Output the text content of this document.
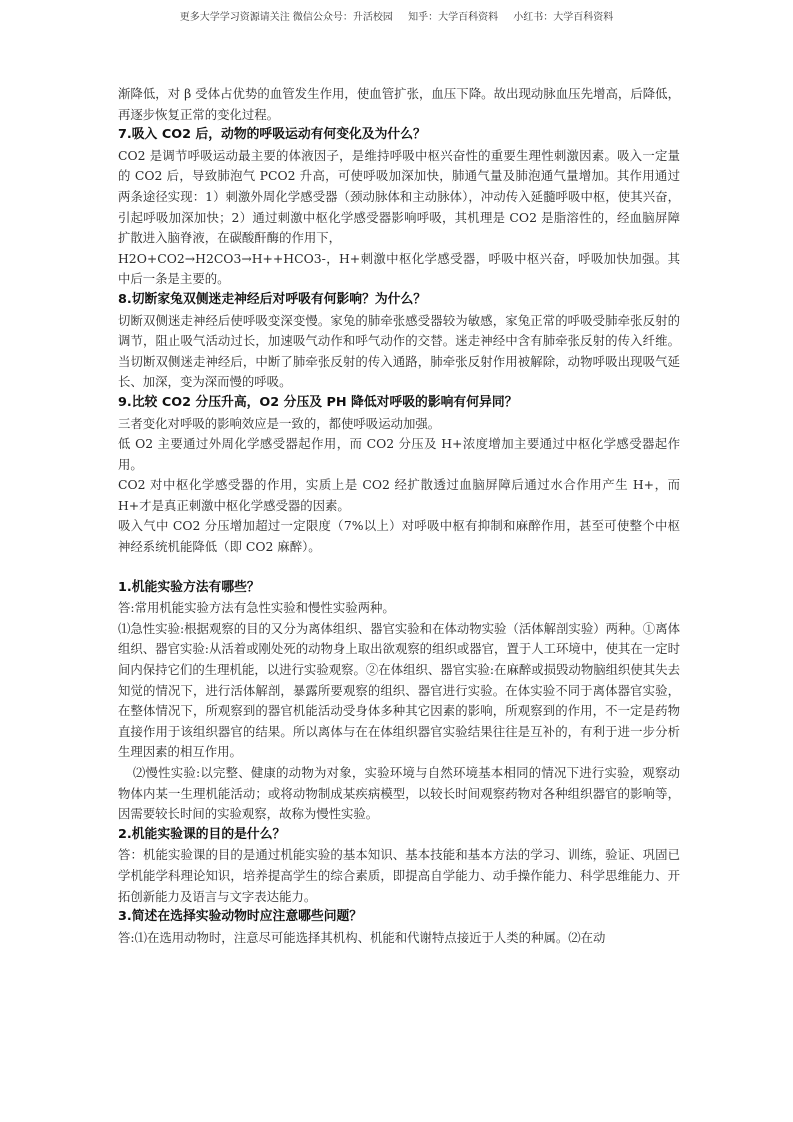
更多大学学习资源请关注 微信公众号：升活校园 知乎：大学百科资料 小红书：大学百科资料

渐降低，对 β 受体占优势的血管发生作用，使血管扩张，血压下降。故出现动脉血压先增高，后降低，再逐步恢复正常的变化过程。

7.吸入 CO2 后，动物的呼吸运动有何变化及为什么？

CO2 是调节呼吸运动最主要的体液因子，是维持呼吸中枢兴奋性的重要生理性刺激因素。吸入一定量的 CO2 后，导致肺泡气 PCO2 升高，可使呼吸加深加快，肺通气量及肺泡通气量增加。其作用通过两条途径实现：1）刺激外周化学感受器（颈动脉体和主动脉体），冲动传入延髓呼吸中枢，使其兴奋，引起呼吸加深加快；2）通过刺激中枢化学感受器影响呼吸，其机理是 CO2 是脂溶性的，经血脑屏障扩散进入脑脊液，在碳酸酐酶的作用下，

H2O+CO2→H2CO3→H++HCO3-，H+刺激中枢化学感受器，呼吸中枢兴奋，呼吸加快加强。其中后一条是主要的。

8.切断家兔双侧迷走神经后对呼吸有何影响？为什么？

切断双侧迷走神经后使呼吸变深变慢。家兔的肺牵张感受器较为敏感，家兔正常的呼吸受肺牵张反射的调节，阻止吸气活动过长，加速吸气动作和呼气动作的交替。迷走神经中含有肺牵张反射的传入纤维。当切断双侧迷走神经后，中断了肺牵张反射的传入通路，肺牵张反射作用被解除，动物呼吸出现吸气延长、加深，变为深而慢的呼吸。

9.比较 CO2 分压升高，O2 分压及 PH 降低对呼吸的影响有何异同？

三者变化对呼吸的影响效应是一致的，都使呼吸运动加强。

低 O2 主要通过外周化学感受器起作用，而 CO2 分压及 H+浓度增加主要通过中枢化学感受器起作用。

CO2 对中枢化学感受器的作用，实质上是 CO2 经扩散透过血脑屏障后通过水合作用产生 H+，而 H+才是真正刺激中枢化学感受器的因素。

吸入气中 CO2 分压增加超过一定限度（7%以上）对呼吸中枢有抑制和麻醉作用，甚至可使整个中枢神经系统机能降低（即 CO2 麻醉）。

1.机能实验方法有哪些？

答:常用机能实验方法有急性实验和慢性实验两种。

⑴急性实验:根据观察的目的又分为离体组织、器官实验和在体动物实验（活体解剖实验）两种。①离体组织、器官实验:从活着或刚处死的动物身上取出欲观察的组织或器官，置于人工环境中，使其在一定时间内保持它们的生理机能，以进行实验观察。②在体组织、器官实验:在麻醉或损毁动物脑组织使其失去知觉的情况下，进行活体解剖，暴露所要观察的组织、器官进行实验。在体实验不同于离体器官实验，在整体情况下，所观察到的器官机能活动受身体多种其它因素的影响，所观察到的作用，不一定是药物直接作用于该组织器官的结果。所以离体与在在体组织器官实验结果往往是互补的，有利于进一步分析生理因素的相互作用。

⑵慢性实验:以完整、健康的动物为对象，实验环境与自然环境基本相同的情况下进行实验，观察动物体内某一生理机能活动；或将动物制成某疾病模型，以较长时间观察药物对各种组织器官的影响等，因需要较长时间的实验观察，故称为慢性实验。

2.机能实验课的目的是什么？

答：机能实验课的目的是通过机能实验的基本知识、基本技能和基本方法的学习、训练，验证、巩固已学机能学科理论知识，培养提高学生的综合素质，即提高自学能力、动手操作能力、科学思维能力、开拓创新能力及语言与文字表达能力。

3.简述在选择实验动物时应注意哪些问题？

答:⑴在选用动物时，注意尽可能选择其机构、机能和代谢特点接近于人类的种属。⑵在动
